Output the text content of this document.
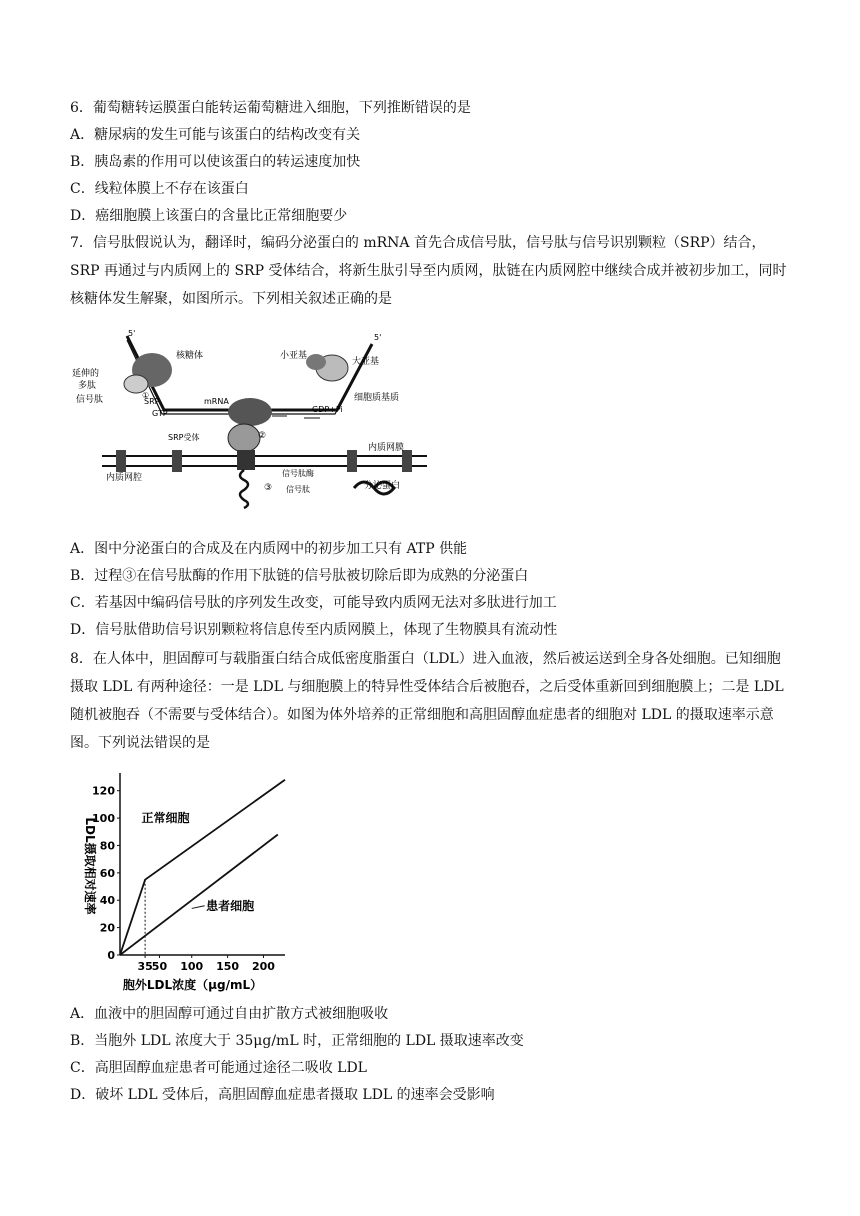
6．葡萄糖转运膜蛋白能转运葡萄糖进入细胞，下列推断错误的是
A．糖尿病的发生可能与该蛋白的结构改变有关
B．胰岛素的作用可以使该蛋白的转运速度加快
C．线粒体膜上不存在该蛋白
D．癌细胞膜上该蛋白的含量比正常细胞要少
7．信号肽假说认为，翻译时，编码分泌蛋白的 mRNA 首先合成信号肽，信号肽与信号识别颗粒（SRP）结合，SRP 再通过与内质网上的 SRP 受体结合，将新生肽引导至内质网，肽链在内质网腔中继续合成并被初步加工，同时核糖体发生解聚，如图所示。下列相关叙述正确的是
5'	5'
核糖体	小亚基
大亚基
延伸的
多肽
信号肽	SRP
GTP
mRNA
GDP+Pi
细胞质基质
SRP受体
内质网膜
内质网腔	信号肽酶
信号肽	分泌蛋白
②
③
①
A．图中分泌蛋白的合成及在内质网中的初步加工只有 ATP 供能
B．过程③在信号肽酶的作用下肽链的信号肽被切除后即为成熟的分泌蛋白
C．若基因中编码信号肽的序列发生改变，可能导致内质网无法对多肽进行加工
D．信号肽借助信号识别颗粒将信息传至内质网膜上，体现了生物膜具有流动性
8．在人体中，胆固醇可与载脂蛋白结合成低密度脂蛋白（LDL）进入血液，然后被运送到全身各处细胞。已知细胞摄取 LDL 有两种途径：一是 LDL 与细胞膜上的特异性受体结合后被胞吞，之后受体重新回到细胞膜上；二是 LDL 随机被胞吞（不需要与受体结合）。如图为体外培养的正常细胞和高胆固醇血症患者的细胞对 LDL 的摄取速率示意图。下列说法错误的是
0
20
40
60
80
100
120
35 50 100 150 200
胞外LDL浓度（μg/mL）
LDL摄取相对速率	正常细胞
患者细胞
A．血液中的胆固醇可通过自由扩散方式被细胞吸收
B．当胞外 LDL 浓度大于 35μg/mL 时，正常细胞的 LDL 摄取速率改变
C．高胆固醇血症患者可能通过途径二吸收 LDL
D．破坏 LDL 受体后，高胆固醇血症患者摄取 LDL 的速率会受影响
